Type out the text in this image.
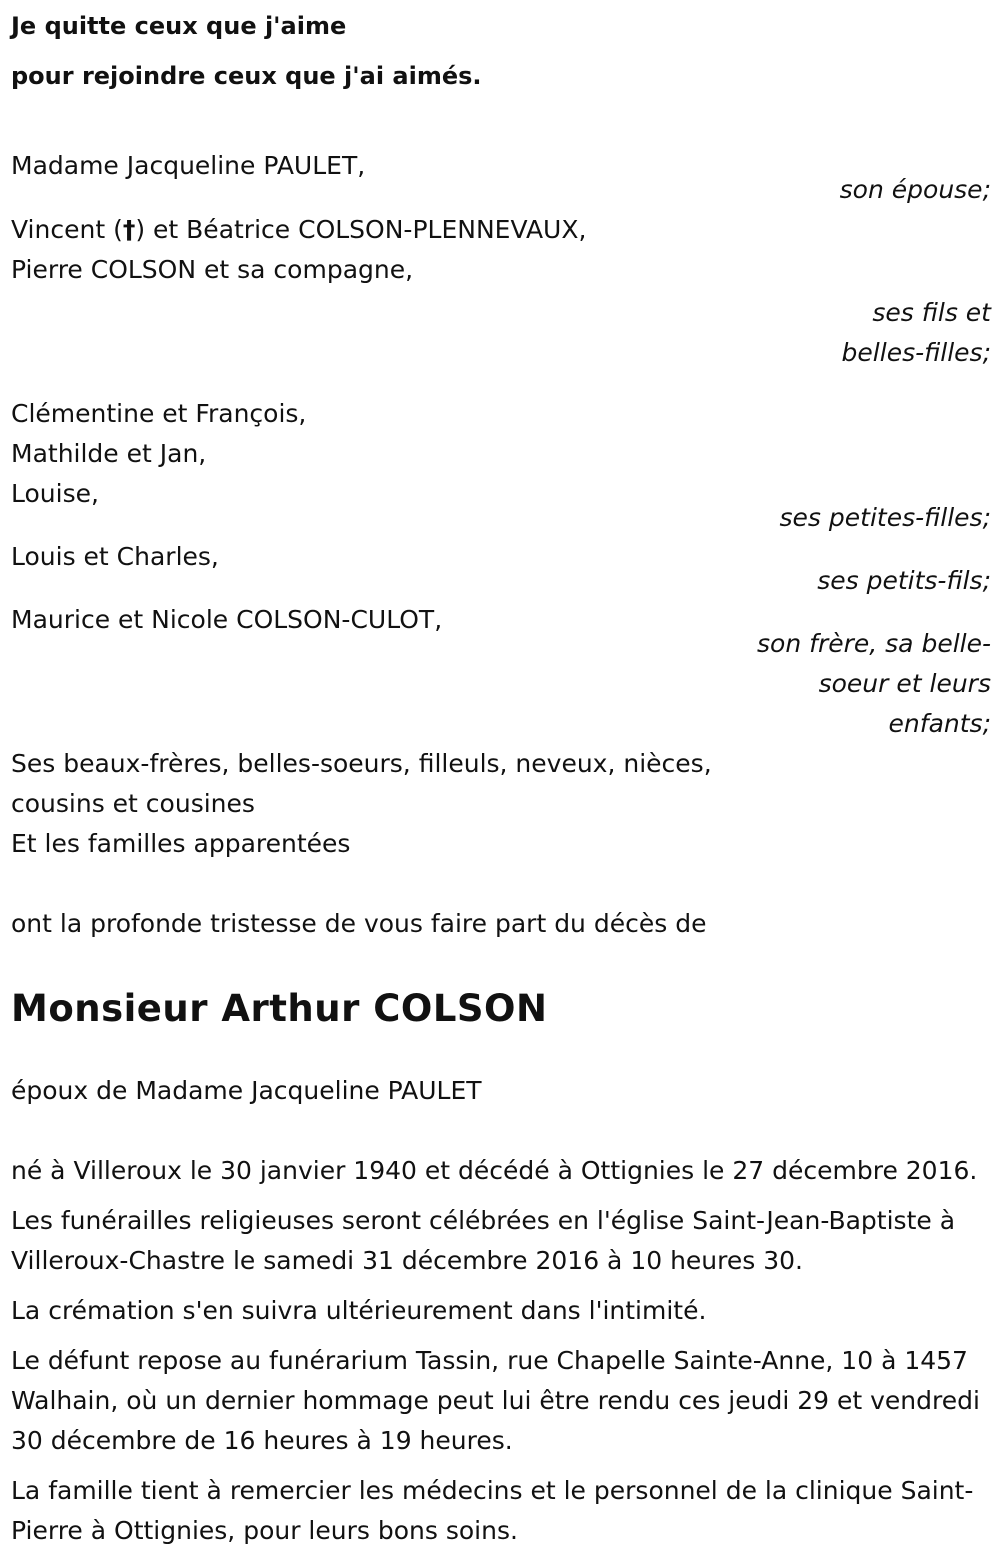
Je quitte ceux que j'aime

pour rejoindre ceux que j'ai aimés.

Madame Jacqueline PAULET,

son épouse;

Vincent (†) et Béatrice COLSON-PLENNEVAUX,

Pierre COLSON et sa compagne,

ses fils et belles-filles;

Clémentine et François,

Mathilde et Jan,

Louise,

ses petites-filles;

Louis et Charles,

ses petits-fils;

Maurice et Nicole COLSON-CULOT,

son frère, sa belle-soeur et leurs enfants;

Ses beaux-frères, belles-soeurs, filleuls, neveux, nièces,

cousins et cousines

Et les familles apparentées

ont la profonde tristesse de vous faire part du décès de

Monsieur Arthur COLSON

époux de Madame Jacqueline PAULET

né à Villeroux le 30 janvier 1940 et décédé à Ottignies le 27 décembre 2016.

Les funérailles religieuses seront célébrées en l'église Saint-Jean-Baptiste à Villeroux-Chastre le samedi 31 décembre 2016 à 10 heures 30.

La crémation s'en suivra ultérieurement dans l'intimité.

Le défunt repose au funérarium Tassin, rue Chapelle Sainte-Anne, 10 à 1457 Walhain, où un dernier hommage peut lui être rendu ces jeudi 29 et vendredi 30 décembre de 16 heures à 19 heures.

La famille tient à remercier les médecins et le personnel de la clinique Saint-Pierre à Ottignies, pour leurs bons soins.
